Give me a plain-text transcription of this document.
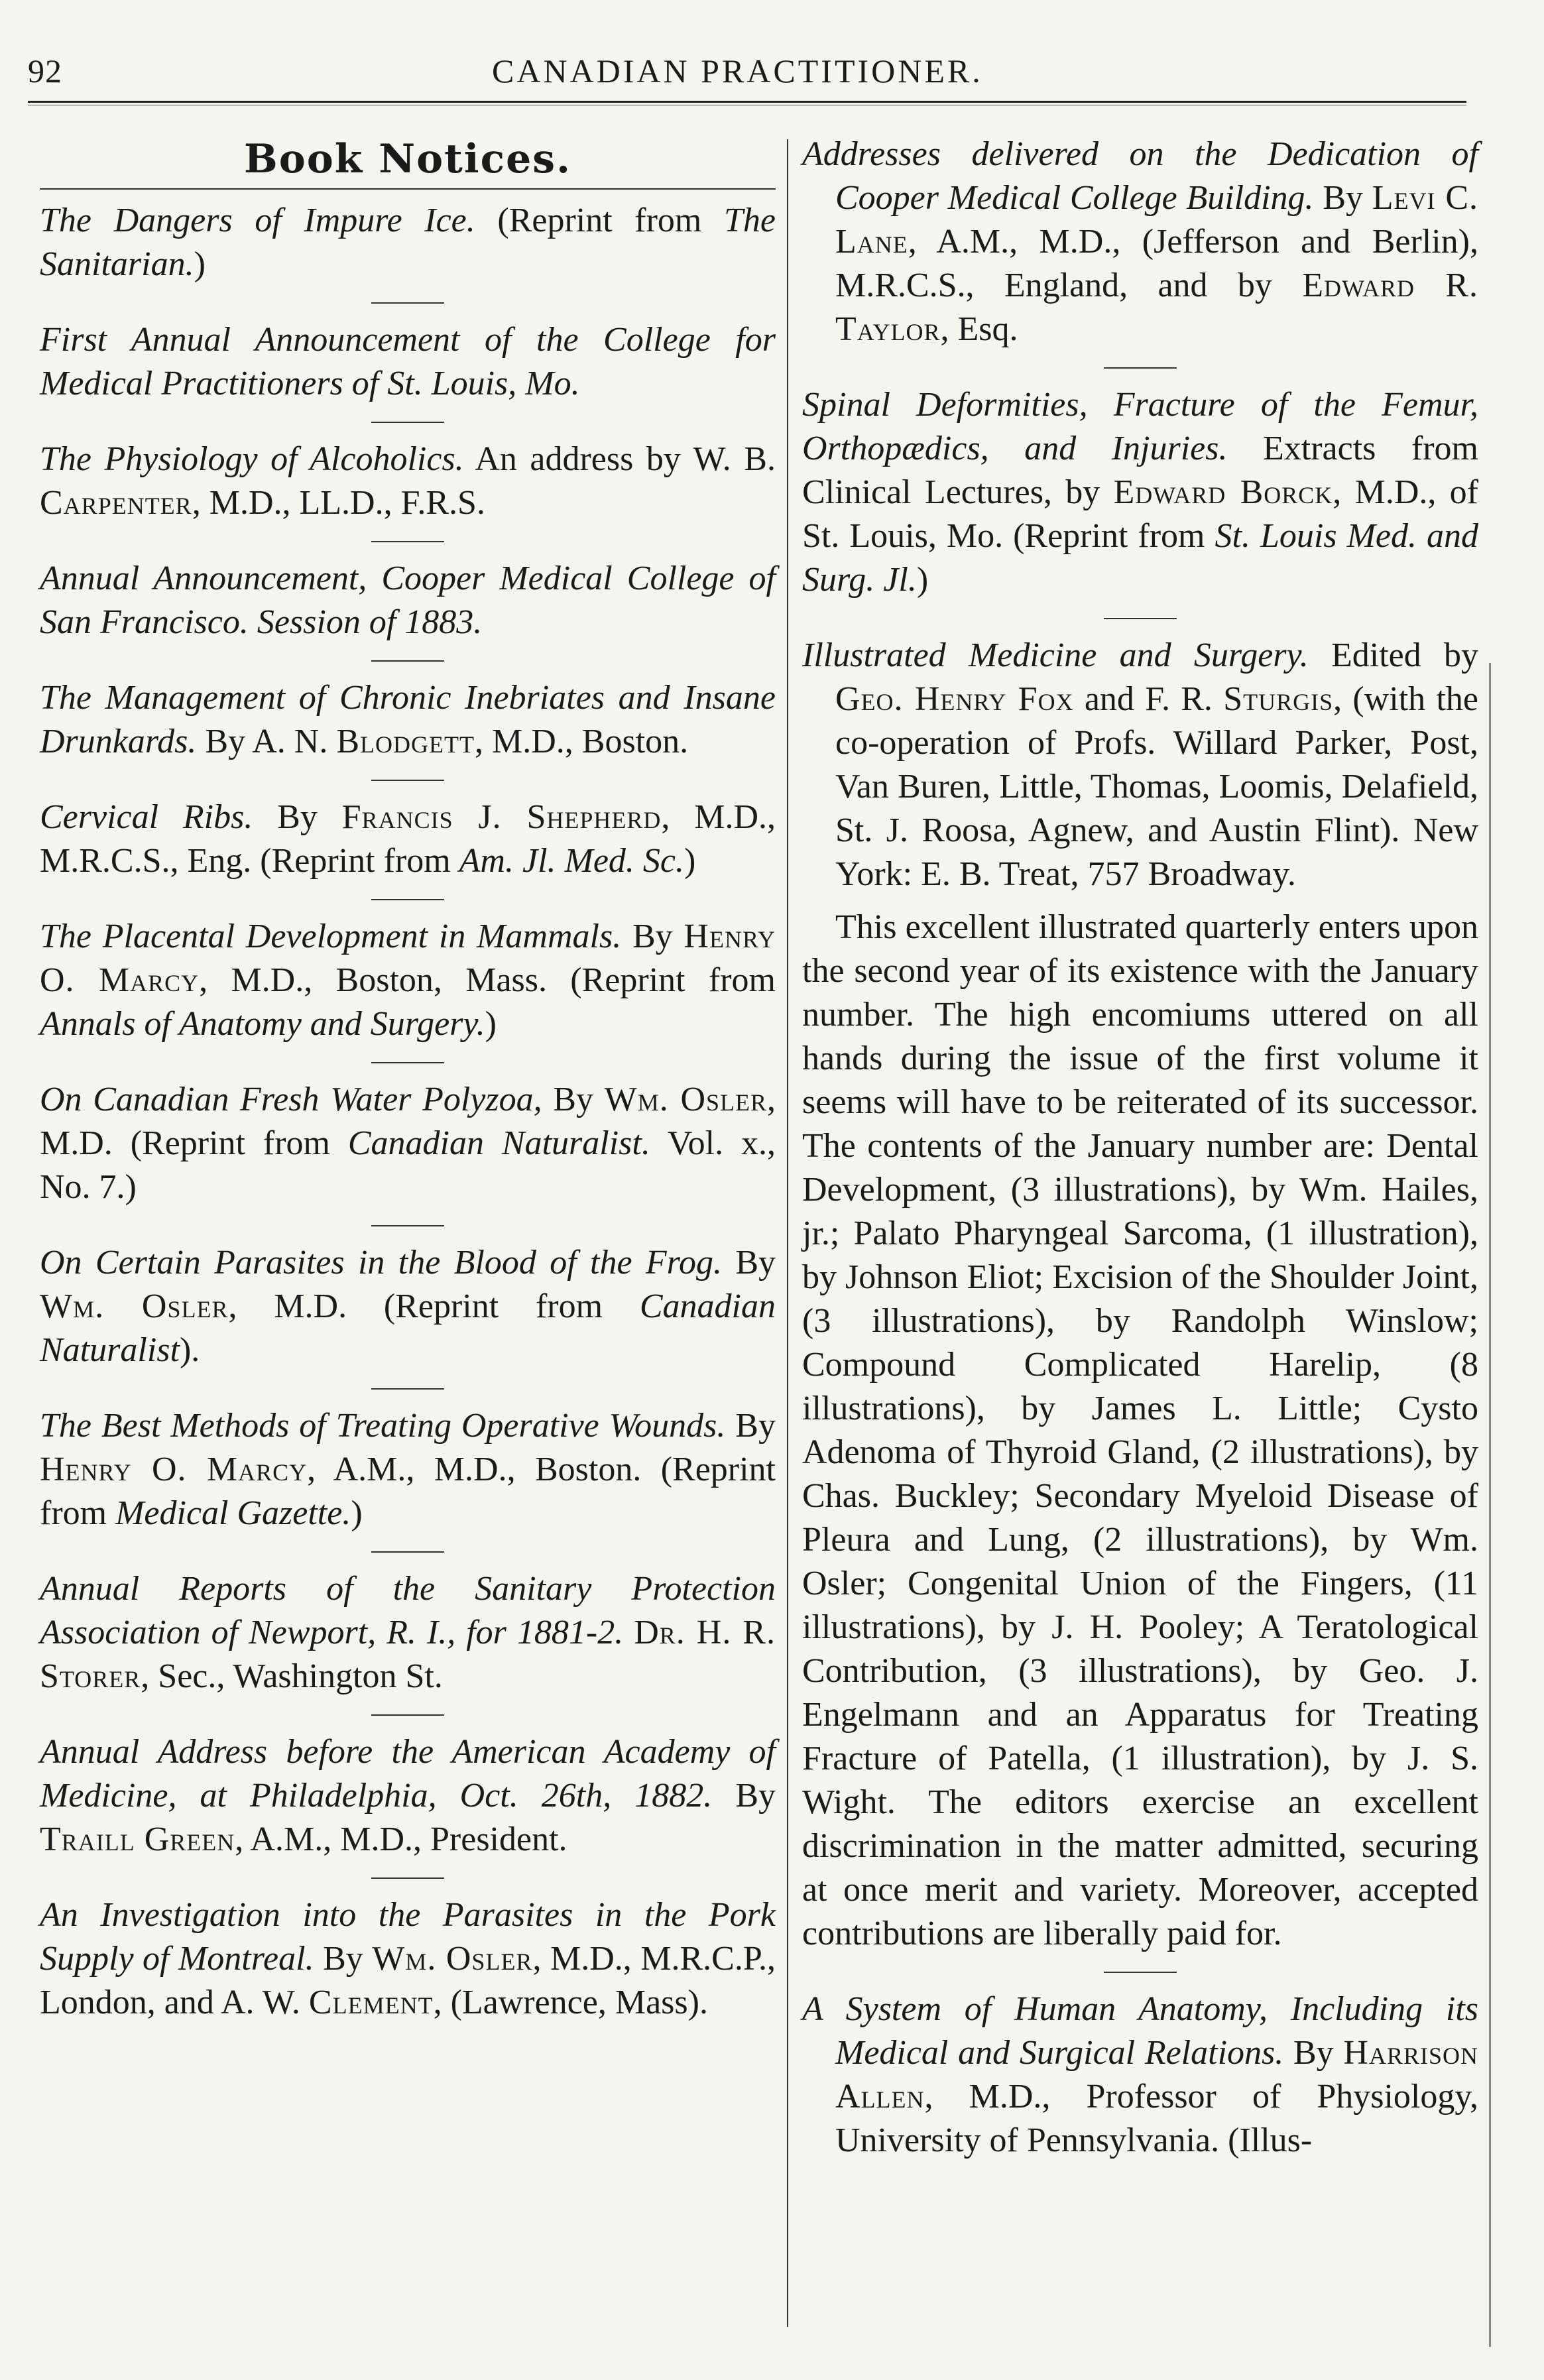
92	CANADIAN PRACTITIONER.
Book Notices.

The Dangers of Impure Ice. (Reprint from The Sanitarian.)

First Annual Announcement of the College for Medical Practitioners of St. Louis, Mo.

The Physiology of Alcoholics. An address by W. B. Carpenter, M.D., LL.D., F.R.S.

Annual Announcement, Cooper Medical College of San Francisco. Session of 1883.

The Management of Chronic Inebriates and Insane Drunkards. By A. N. Blodgett, M.D., Boston.

Cervical Ribs. By Francis J. Shepherd, M.D., M.R.C.S., Eng. (Reprint from Am. Jl. Med. Sc.)

The Placental Development in Mammals. By Henry O. Marcy, M.D., Boston, Mass. (Reprint from Annals of Anatomy and Surgery.)

On Canadian Fresh Water Polyzoa, By Wm. Osler, M.D. (Reprint from Canadian Naturalist. Vol. x., No. 7.)

On Certain Parasites in the Blood of the Frog. By Wm. Osler, M.D. (Reprint from Canadian Naturalist).

The Best Methods of Treating Operative Wounds. By Henry O. Marcy, A.M., M.D., Boston. (Reprint from Medical Gazette.)

Annual Reports of the Sanitary Protection Association of Newport, R. I., for 1881-2. Dr. H. R. Storer, Sec., Washington St.

Annual Address before the American Academy of Medicine, at Philadelphia, Oct. 26th, 1882. By Traill Green, A.M., M.D., President.

An Investigation into the Parasites in the Pork Supply of Montreal. By Wm. Osler, M.D., M.R.C.P., London, and A. W. Clement, (Lawrence, Mass).

Addresses delivered on the Dedication of Cooper Medical College Building. By Levi C. Lane, A.M., M.D., (Jefferson and Berlin), M.R.C.S., England, and by Edward R. Taylor, Esq.

Spinal Deformities, Fracture of the Femur, Orthopædics, and Injuries. Extracts from Clinical Lectures, by Edward Borck, M.D., of St. Louis, Mo. (Reprint from St. Louis Med. and Surg. Jl.)

Illustrated Medicine and Surgery. Edited by Geo. Henry Fox and F. R. Sturgis, (with the co-operation of Profs. Willard Parker, Post, Van Buren, Little, Thomas, Loomis, Delafield, St. J. Roosa, Agnew, and Austin Flint). New York: E. B. Treat, 757 Broadway.

This excellent illustrated quarterly enters upon the second year of its existence with the January number. The high encomiums uttered on all hands during the issue of the first volume it seems will have to be reiterated of its successor. The contents of the January number are: Dental Development, (3 illustrations), by Wm. Hailes, jr.; Palato Pharyngeal Sarcoma, (1 illustration), by Johnson Eliot; Excision of the Shoulder Joint, (3 illustrations), by Randolph Winslow; Compound Complicated Harelip, (8 illustrations), by James L. Little; Cysto Adenoma of Thyroid Gland, (2 illustrations), by Chas. Buckley; Secondary Myeloid Disease of Pleura and Lung, (2 illustrations), by Wm. Osler; Congenital Union of the Fingers, (11 illustrations), by J. H. Pooley; A Teratological Contribution, (3 illustrations), by Geo. J. Engelmann and an Apparatus for Treating Fracture of Patella, (1 illustration), by J. S. Wight. The editors exercise an excellent discrimination in the matter admitted, securing at once merit and variety. Moreover, accepted contributions are liberally paid for.

A System of Human Anatomy, Including its Medical and Surgical Relations. By Harrison Allen, M.D., Professor of Physiology, University of Pennsylvania. (Illus-
